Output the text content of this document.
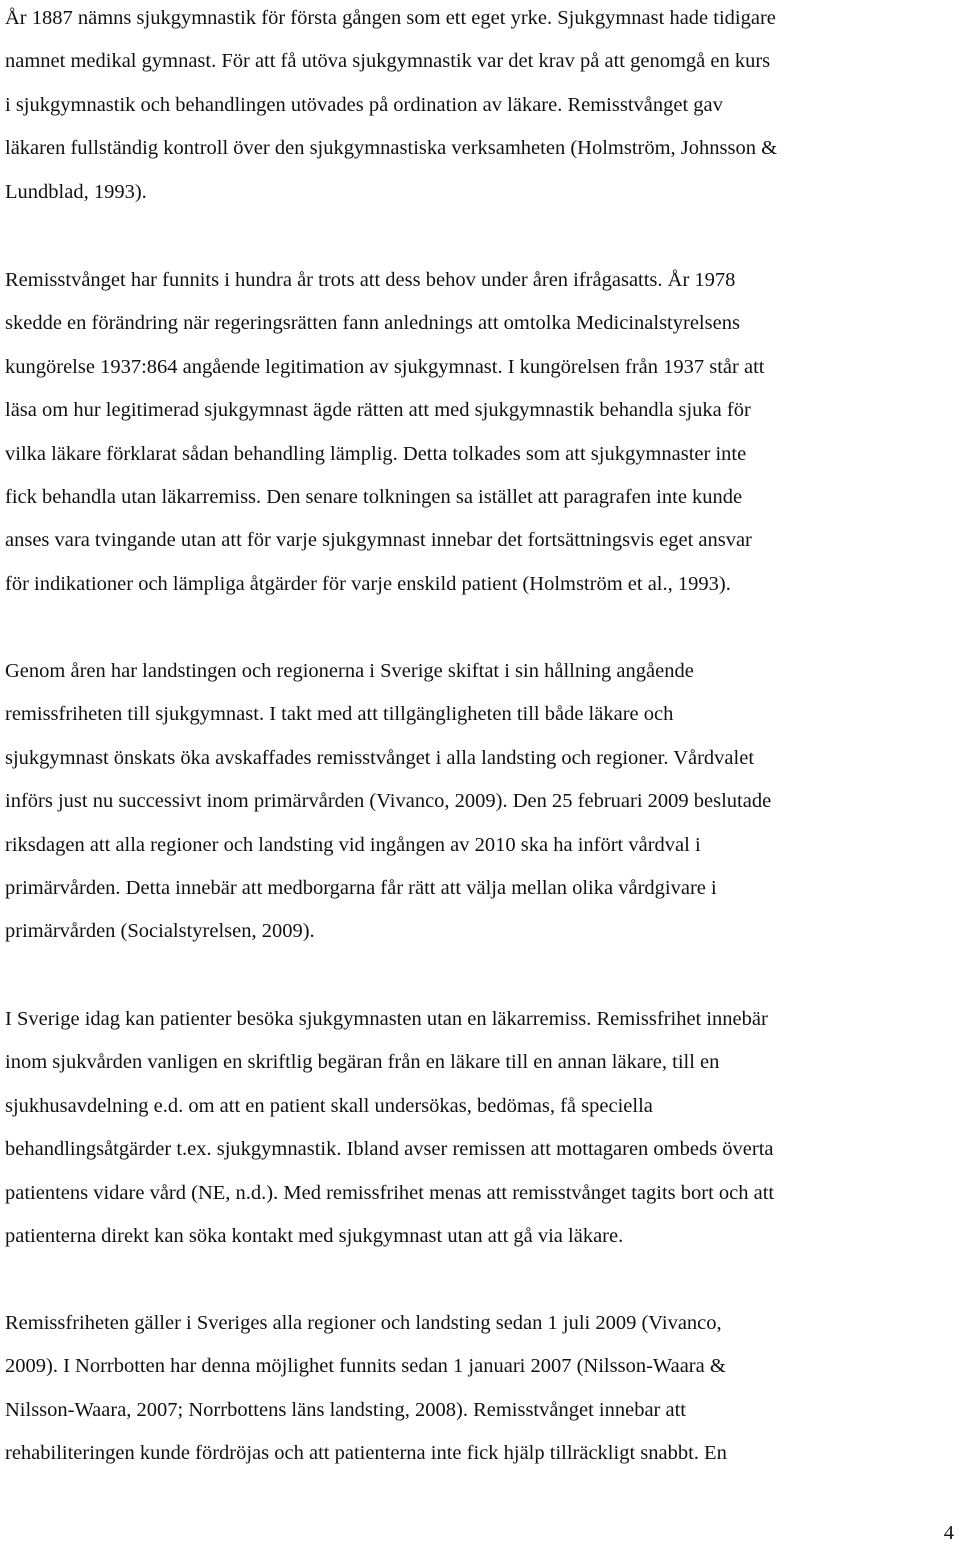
År 1887 nämns sjukgymnastik för första gången som ett eget yrke. Sjukgymnast hade tidigare
namnet medikal gymnast. För att få utöva sjukgymnastik var det krav på att genomgå en kurs
i sjukgymnastik och behandlingen utövades på ordination av läkare. Remisstvånget gav
läkaren fullständig kontroll över den sjukgymnastiska verksamheten (Holmström, Johnsson &
Lundblad, 1993).

Remisstvånget har funnits i hundra år trots att dess behov under åren ifrågasatts. År 1978
skedde en förändring när regeringsrätten fann anlednings att omtolka Medicinalstyrelsens
kungörelse 1937:864 angående legitimation av sjukgymnast. I kungörelsen från 1937 står att
läsa om hur legitimerad sjukgymnast ägde rätten att med sjukgymnastik behandla sjuka för
vilka läkare förklarat sådan behandling lämplig. Detta tolkades som att sjukgymnaster inte
fick behandla utan läkarremiss. Den senare tolkningen sa istället att paragrafen inte kunde
anses vara tvingande utan att för varje sjukgymnast innebar det fortsättningsvis eget ansvar
för indikationer och lämpliga åtgärder för varje enskild patient (Holmström et al., 1993).

Genom åren har landstingen och regionerna i Sverige skiftat i sin hållning angående
remissfriheten till sjukgymnast. I takt med att tillgängligheten till både läkare och
sjukgymnast önskats öka avskaffades remisstvånget i alla landsting och regioner. Vårdvalet
införs just nu successivt inom primärvården (Vivanco, 2009). Den 25 februari 2009 beslutade
riksdagen att alla regioner och landsting vid ingången av 2010 ska ha infört vårdval i
primärvården. Detta innebär att medborgarna får rätt att välja mellan olika vårdgivare i
primärvården (Socialstyrelsen, 2009).

I Sverige idag kan patienter besöka sjukgymnasten utan en läkarremiss. Remissfrihet innebär
inom sjukvården vanligen en skriftlig begäran från en läkare till en annan läkare, till en
sjukhusavdelning e.d. om att en patient skall undersökas, bedömas, få speciella
behandlingsåtgärder t.ex. sjukgymnastik. Ibland avser remissen att mottagaren ombeds överta
patientens vidare vård (NE, n.d.). Med remissfrihet menas att remisstvånget tagits bort och att
patienterna direkt kan söka kontakt med sjukgymnast utan att gå via läkare.

Remissfriheten gäller i Sveriges alla regioner och landsting sedan 1 juli 2009 (Vivanco,
2009). I Norrbotten har denna möjlighet funnits sedan 1 januari 2007 (Nilsson-Waara &
Nilsson-Waara, 2007; Norrbottens läns landsting, 2008). Remisstvånget innebar att
rehabiliteringen kunde fördröjas och att patienterna inte fick hjälp tillräckligt snabbt. En

4
